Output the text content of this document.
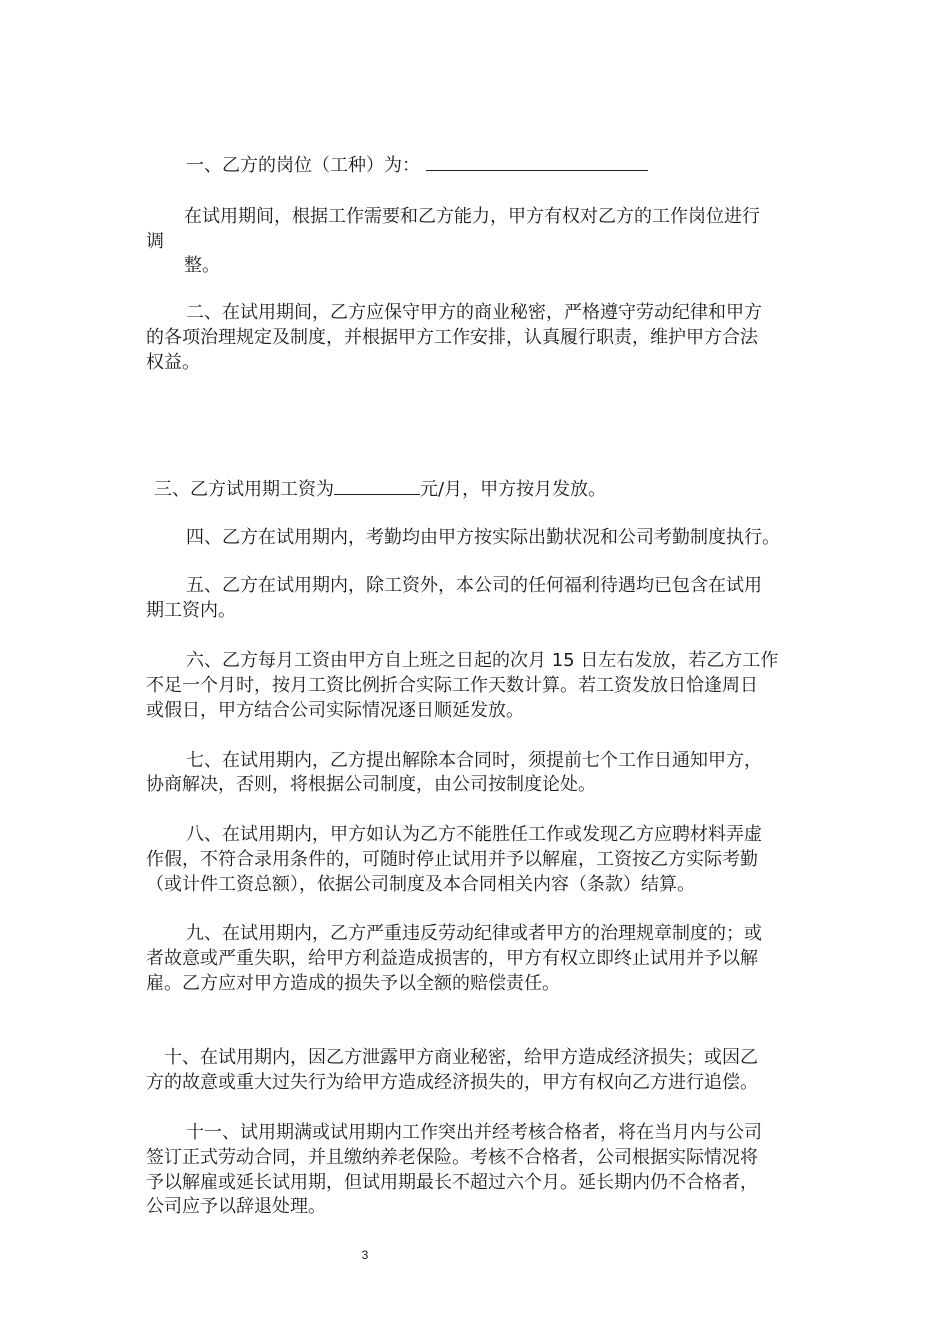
一、乙方的岗位（工种）为：
在试用期间，根据工作需要和乙方能力，甲方有权对乙方的工作岗位进行
调
整。
二、在试用期间，乙方应保守甲方的商业秘密，严格遵守劳动纪律和甲方
的各项治理规定及制度，并根据甲方工作安排，认真履行职责，维护甲方合法
权益。
三、乙方试用期工资为	元/月，甲方按月发放。
四、乙方在试用期内，考勤均由甲方按实际出勤状况和公司考勤制度执行。
五、乙方在试用期内，除工资外，本公司的任何福利待遇均已包含在试用
期工资内。
六、乙方每月工资由甲方自上班之日起的次月 15 日左右发放，若乙方工作
不足一个月时，按月工资比例折合实际工作天数计算。若工资发放日恰逢周日
或假日，甲方结合公司实际情况逐日顺延发放。
七、在试用期内，乙方提出解除本合同时，须提前七个工作日通知甲方，
协商解决，否则，将根据公司制度，由公司按制度论处。
八、在试用期内，甲方如认为乙方不能胜任工作或发现乙方应聘材料弄虚
作假，不符合录用条件的，可随时停止试用并予以解雇，工资按乙方实际考勤
（或计件工资总额），依据公司制度及本合同相关内容（条款）结算。
九、在试用期内，乙方严重违反劳动纪律或者甲方的治理规章制度的；或
者故意或严重失职，给甲方利益造成损害的，甲方有权立即终止试用并予以解
雇。乙方应对甲方造成的损失予以全额的赔偿责任。
十、在试用期内，因乙方泄露甲方商业秘密，给甲方造成经济损失；或因乙
方的故意或重大过失行为给甲方造成经济损失的，甲方有权向乙方进行追偿。
十一、试用期满或试用期内工作突出并经考核合格者，将在当月内与公司
签订正式劳动合同，并且缴纳养老保险。考核不合格者，公司根据实际情况将
予以解雇或延长试用期，但试用期最长不超过六个月。延长期内仍不合格者，
公司应予以辞退处理。
3
